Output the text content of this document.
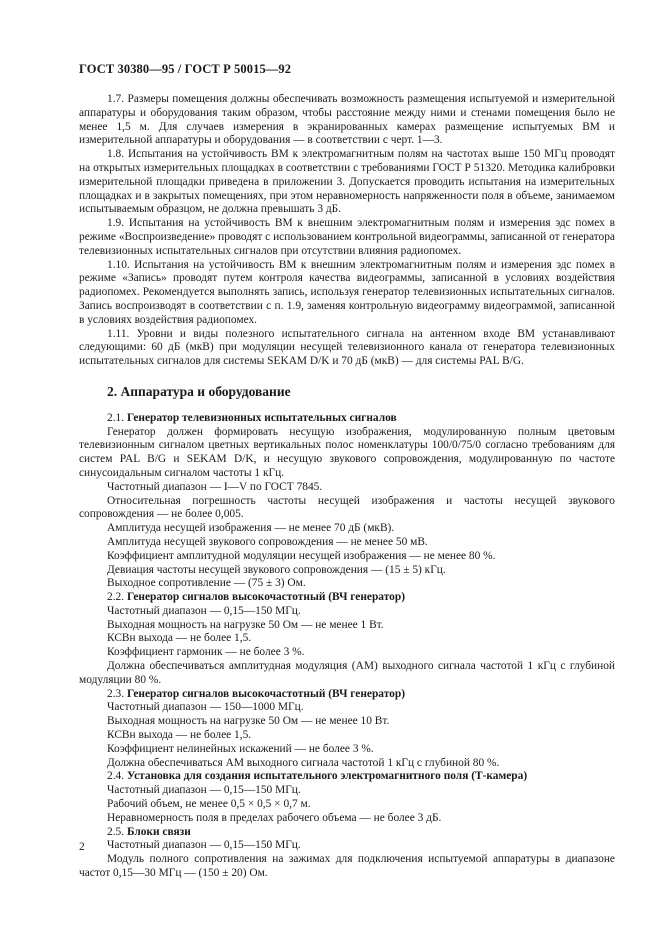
ГОСТ 30380—95 / ГОСТ Р 50015—92

1.7. Размеры помещения должны обеспечивать возможность размещения испытуемой и измерительной аппаратуры и оборудования таким образом, чтобы расстояние между ними и стенами помещения было не менее 1,5 м. Для случаев измерения в экранированных камерах размещение испытуемых ВМ и измерительной аппаратуры и оборудования — в соответствии с черт. 1—3.

1.8. Испытания на устойчивость ВМ к электромагнитным полям на частотах выше 150 МГц проводят на открытых измерительных площадках в соответствии с требованиями ГОСТ Р 51320. Методика калибровки измерительной площадки приведена в приложении 3. Допускается проводить испытания на измерительных площадках и в закрытых помещениях, при этом неравномерность напряженности поля в объеме, занимаемом испытываемым образцом, не должна превышать 3 дБ.

1.9. Испытания на устойчивость ВМ к внешним электромагнитным полям и измерения эдс помех в режиме «Воспроизведение» проводят с использованием контрольной видеограммы, записанной от генератора телевизионных испытательных сигналов при отсутствии влияния радиопомех.

1.10. Испытания на устойчивость ВМ к внешним электромагнитным полям и измерения эдс помех в режиме «Запись» проводят путем контроля качества видеограммы, записанной в условиях воздействия радиопомех. Рекомендуется выполнять запись, используя генератор телевизионных испытательных сигналов. Запись воспроизводят в соответствии с п. 1.9, заменяя контрольную видеограмму видеограммой, записанной в условиях воздействия радиопомех.

1.11. Уровни и виды полезного испытательного сигнала на антенном входе ВМ устанавливают следующими: 60 дБ (мкВ) при модуляции несущей телевизионного канала от генератора телевизионных испытательных сигналов для системы SEKAM D/K и 70 дБ (мкВ) — для системы PAL B/G.

2. Аппаратура и оборудование

2.1. Генератор телевизионных испытательных сигналов

Генератор должен формировать несущую изображения, модулированную полным цветовым телевизионным сигналом цветных вертикальных полос номенклатуры 100/0/75/0 согласно требованиям для систем PAL B/G и SEKAM D/K, и несущую звукового сопровождения, модулированную по частоте синусоидальным сигналом частоты 1 кГц.

Частотный диапазон — I—V по ГОСТ 7845.

Относительная погрешность частоты несущей изображения и частоты несущей звукового сопровождения — не более 0,005.

Амплитуда несущей изображения — не менее 70 дБ (мкВ).

Амплитуда несущей звукового сопровождения — не менее 50 мВ.

Коэффициент амплитудной модуляции несущей изображения — не менее 80 %.

Девиация частоты несущей звукового сопровождения — (15 ± 5) кГц.

Выходное сопротивление — (75 ± 3) Ом.

2.2. Генератор сигналов высокочастотный (ВЧ генератор)

Частотный диапазон — 0,15—150 МГц.

Выходная мощность на нагрузке 50 Ом — не менее 1 Вт.

КСВн выхода — не более 1,5.

Коэффициент гармоник — не более 3 %.

Должна обеспечиваться амплитудная модуляция (АМ) выходного сигнала частотой 1 кГц с глубиной модуляции 80 %.

2.3. Генератор сигналов высокочастотный (ВЧ генератор)

Частотный диапазон — 150—1000 МГц.

Выходная мощность на нагрузке 50 Ом — не менее 10 Вт.

КСВн выхода — не более 1,5.

Коэффициент нелинейных искажений — не более 3 %.

Должна обеспечиваться АМ выходного сигнала частотой 1 кГц с глубиной 80 %.

2.4. Установка для создания испытательного электромагнитного поля (Т-камера)

Частотный диапазон — 0,15—150 МГц.

Рабочий объем, не менее 0,5 × 0,5 × 0,7 м.

Неравномерность поля в пределах рабочего объема — не более 3 дБ.

2.5. Блоки связи

Частотный диапазон — 0,15—150 МГц.

Модуль полного сопротивления на зажимах для подключения испытуемой аппаратуры в диапазоне частот 0,15—30 МГц — (150 ± 20) Ом.

2
